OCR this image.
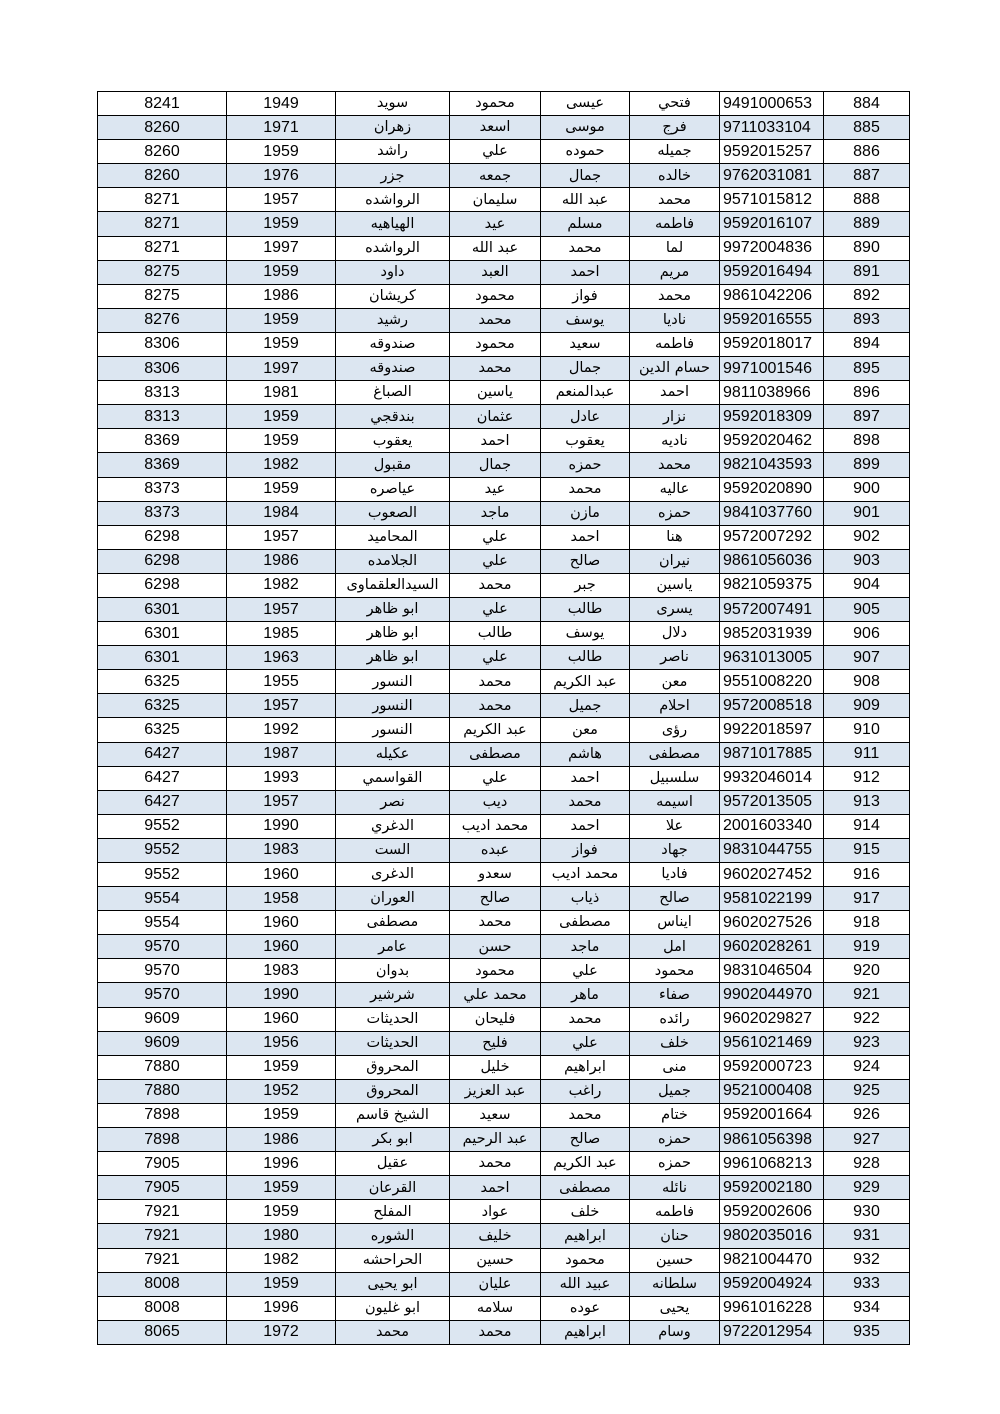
8241	1949	سويد	محمود	عيسى	فتحي	9491000653	884
8260	1971	زهران	اسعد	موسى	فرج	9711033104	885
8260	1959	راشد	علي	حموده	جميله	9592015257	886
8260	1976	جزر	جمعه	جمال	خالده	9762031081	887
8271	1957	الرواشده	سليمان	عبد الله	محمد	9571015812	888
8271	1959	الهياهيه	عيد	مسلم	فاطمه	9592016107	889
8271	1997	الرواشده	عبد الله	محمد	لما	9972004836	890
8275	1959	داود	العبد	احمد	مريم	9592016494	891
8275	1986	كريشان	محمود	فواز	محمد	9861042206	892
8276	1959	رشيد	محمد	يوسف	ناديا	9592016555	893
8306	1959	صندوقه	محمود	سعيد	فاطمه	9592018017	894
8306	1997	صندوقه	محمد	جمال	حسام الدين	9971001546	895
8313	1981	الصباغ	ياسين	عبدالمنعم	احمد	9811038966	896
8313	1959	بندقجي	عثمان	عادل	نزار	9592018309	897
8369	1959	يعقوب	احمد	يعقوب	ناديه	9592020462	898
8369	1982	مقبول	جمال	حمزه	محمد	9821043593	899
8373	1959	عياصره	عيد	محمد	عاليه	9592020890	900
8373	1984	الصعوب	ماجد	مازن	حمزه	9841037760	901
6298	1957	المحاميد	علي	احمد	هنا	9572007292	902
6298	1986	الجلامده	علي	صالح	نيران	9861056036	903
6298	1982	السيدالعلقماوى	محمد	جبر	ياسين	9821059375	904
6301	1957	ابو ظاهر	علي	طالب	يسرى	9572007491	905
6301	1985	ابو ظاهر	طالب	يوسف	دلال	9852031939	906
6301	1963	ابو ظاهر	علي	طالب	ناصر	9631013005	907
6325	1955	النسور	محمد	عبد الكريم	معن	9551008220	908
6325	1957	النسور	محمد	جميل	احلام	9572008518	909
6325	1992	النسور	عبد الكريم	معن	رؤى	9922018597	910
6427	1987	عكيله	مصطفى	هاشم	مصطفى	9871017885	911
6427	1993	القواسمي	علي	احمد	سلسبيل	9932046014	912
6427	1957	نصر	ديب	محمد	اسيمه	9572013505	913
9552	1990	الدغري	محمد اديب	احمد	علا	2001603340	914
9552	1983	الست	عبده	فواز	جهاد	9831044755	915
9552	1960	الدغرى	سعدو	محمد اديب	فاديا	9602027452	916
9554	1958	العوران	صالح	ذياب	صالح	9581022199	917
9554	1960	مصطفى	محمد	مصطفى	ايناس	9602027526	918
9570	1960	عامر	حسن	ماجد	امل	9602028261	919
9570	1983	بدوان	محمود	علي	محمود	9831046504	920
9570	1990	شرشير	محمد علي	ماهر	صفاء	9902044970	921
9609	1960	الحديثات	فليحان	محمد	رائده	9602029827	922
9609	1956	الحديثات	فليح	علي	خلف	9561021469	923
7880	1959	المحروق	خليل	ابراهيم	منى	9592000723	924
7880	1952	المحروق	عبد العزيز	راغب	جميل	9521000408	925
7898	1959	الشيخ قاسم	سعيد	محمد	ختام	9592001664	926
7898	1986	ابو بكر	عبد الرحيم	صالح	حمزه	9861056398	927
7905	1996	عقيل	محمد	عبد الكريم	حمزه	9961068213	928
7905	1959	القرعان	احمد	مصطفى	نائله	9592002180	929
7921	1959	المفلح	عواد	خلف	فاطمه	9592002606	930
7921	1980	الشوره	خليف	ابراهيم	حنان	9802035016	931
7921	1982	الحراحشه	حسين	محمود	حسين	9821004470	932
8008	1959	ابو يحيى	عليان	عبيد الله	سلطانه	9592004924	933
8008	1996	ابو غليون	سلامه	عوده	يحيى	9961016228	934
8065	1972	محمد	محمد	ابراهيم	وسام	9722012954	935
